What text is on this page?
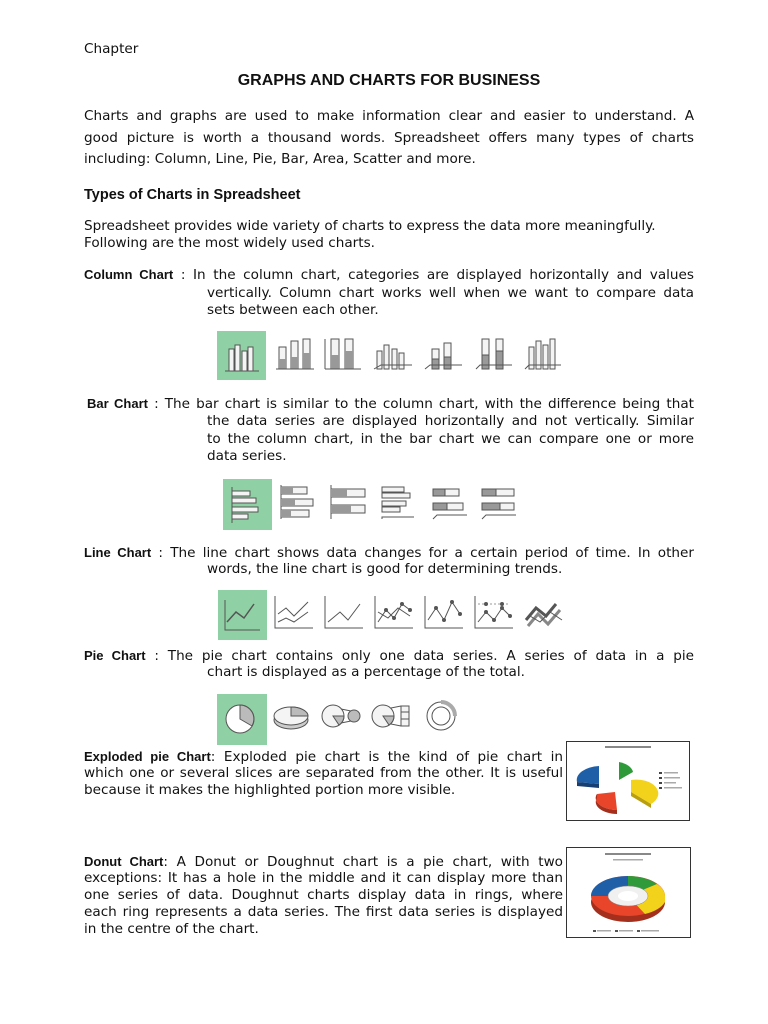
Chapter
GRAPHS AND CHARTS FOR BUSINESS
Charts and graphs are used to make information clear and easier to understand. A
good picture is worth a thousand words. Spreadsheet offers many types of charts
including: Column, Line, Pie, Bar, Area, Scatter and more.
Types of Charts in Spreadsheet
Spreadsheet provides wide variety of charts to express the data more meaningfully.
Following are the most widely used charts.
Column Chart : In the column chart, categories are displayed horizontally and values
vertically. Column chart works well when we want to compare data
sets between each other.
Bar Chart : The bar chart is similar to the column chart, with the difference being that
the data series are displayed horizontally and not vertically. Similar
to the column chart, in the bar chart we can compare one or more
data series.
Line Chart : The line chart shows data changes for a certain period of time. In other
words, the line chart is good for determining trends.
Pie Chart : The pie chart contains only one data series. A series of data in a pie
chart is displayed as a percentage of the total.
Exploded pie Chart: Exploded pie chart is the kind of pie chart in
which one or several slices are separated from the other. It is useful
because it makes the highlighted portion more visible.
Donut Chart: A Donut or Doughnut chart is a pie chart, with two
exceptions: It has a hole in the middle and it can display more than
one series of data. Doughnut charts display data in rings, where
each ring represents a data series. The first data series is displayed
in the centre of the chart.
